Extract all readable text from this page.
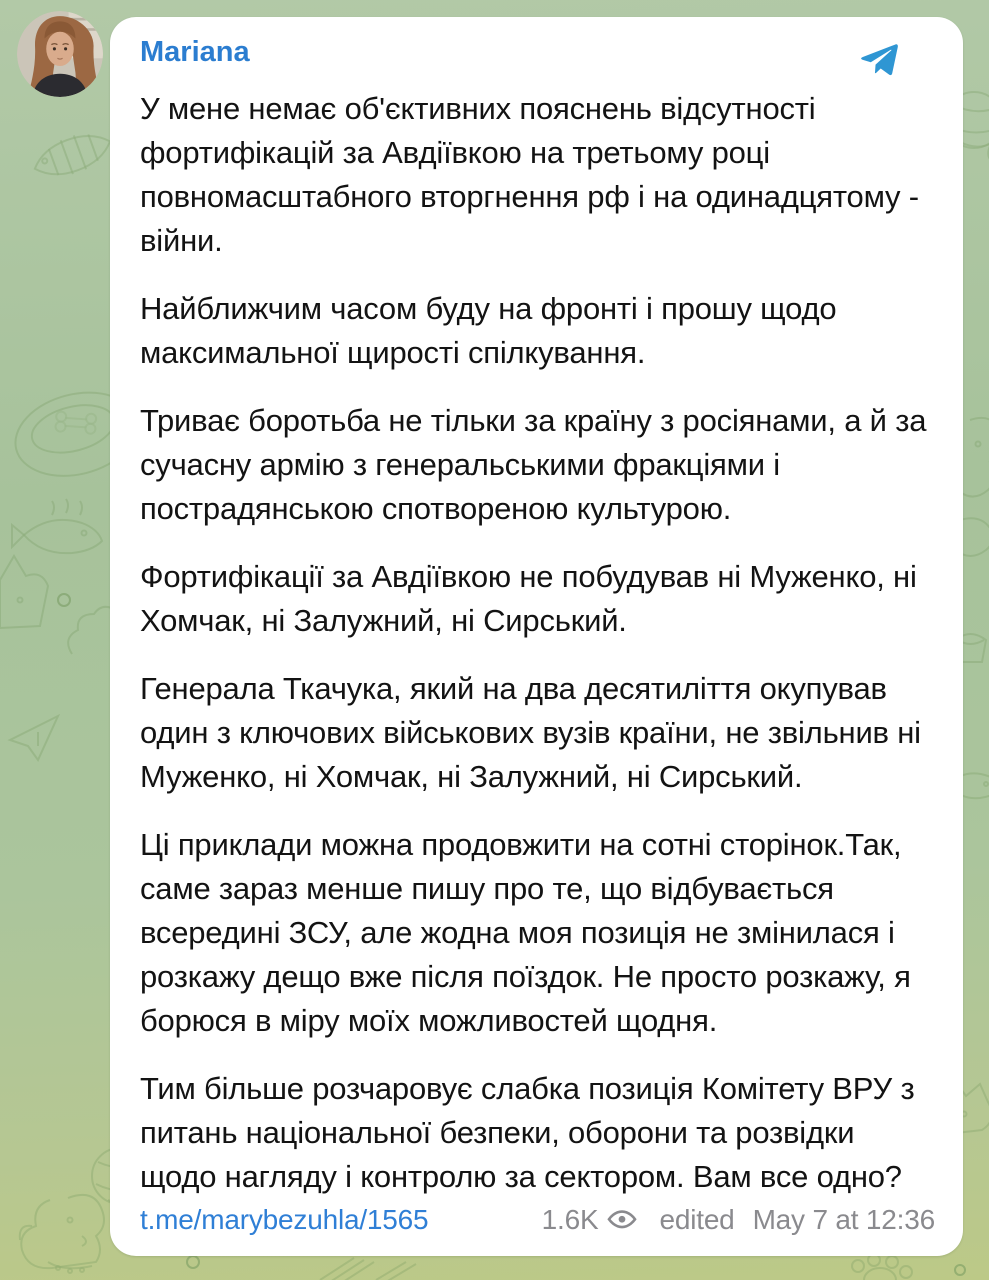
Mariana

У мене немає об'єктивних пояснень відсутності фортифікацій за Авдіївкою на третьому році повномасштабного вторгнення рф і на одинадцятому - війни.

Найближчим часом буду на фронті і прошу щодо максимальної щирості спілкування.

Триває боротьба не тільки за країну з росіянами, а й за сучасну армію з генеральськими фракціями і пострадянською спотвореною культурою.

Фортифікації за Авдіївкою не побудував ні Муженко, ні Хомчак, ні Залужний, ні Сирський.

Генерала Ткачука, який на два десятиліття окупував один з ключових військових вузів країни, не звільнив ні Муженко, ні Хомчак, ні Залужний, ні Сирський.

Ці приклади можна продовжити на сотні сторінок.Так, саме зараз менше пишу про те, що відбувається всередині ЗСУ, але жодна моя позиція не змінилася і розкажу дещо вже після поїздок. Не просто розкажу, я борюся в міру моїх можливостей щодня.

Тим більше розчаровує слабка позиція Комітету ВРУ з питань національної безпеки, оборони та розвідки щодо нагляду і контролю за сектором. Вам все одно?

t.me/marybezuhla/1565	1.6K edited May 7 at 12:36
